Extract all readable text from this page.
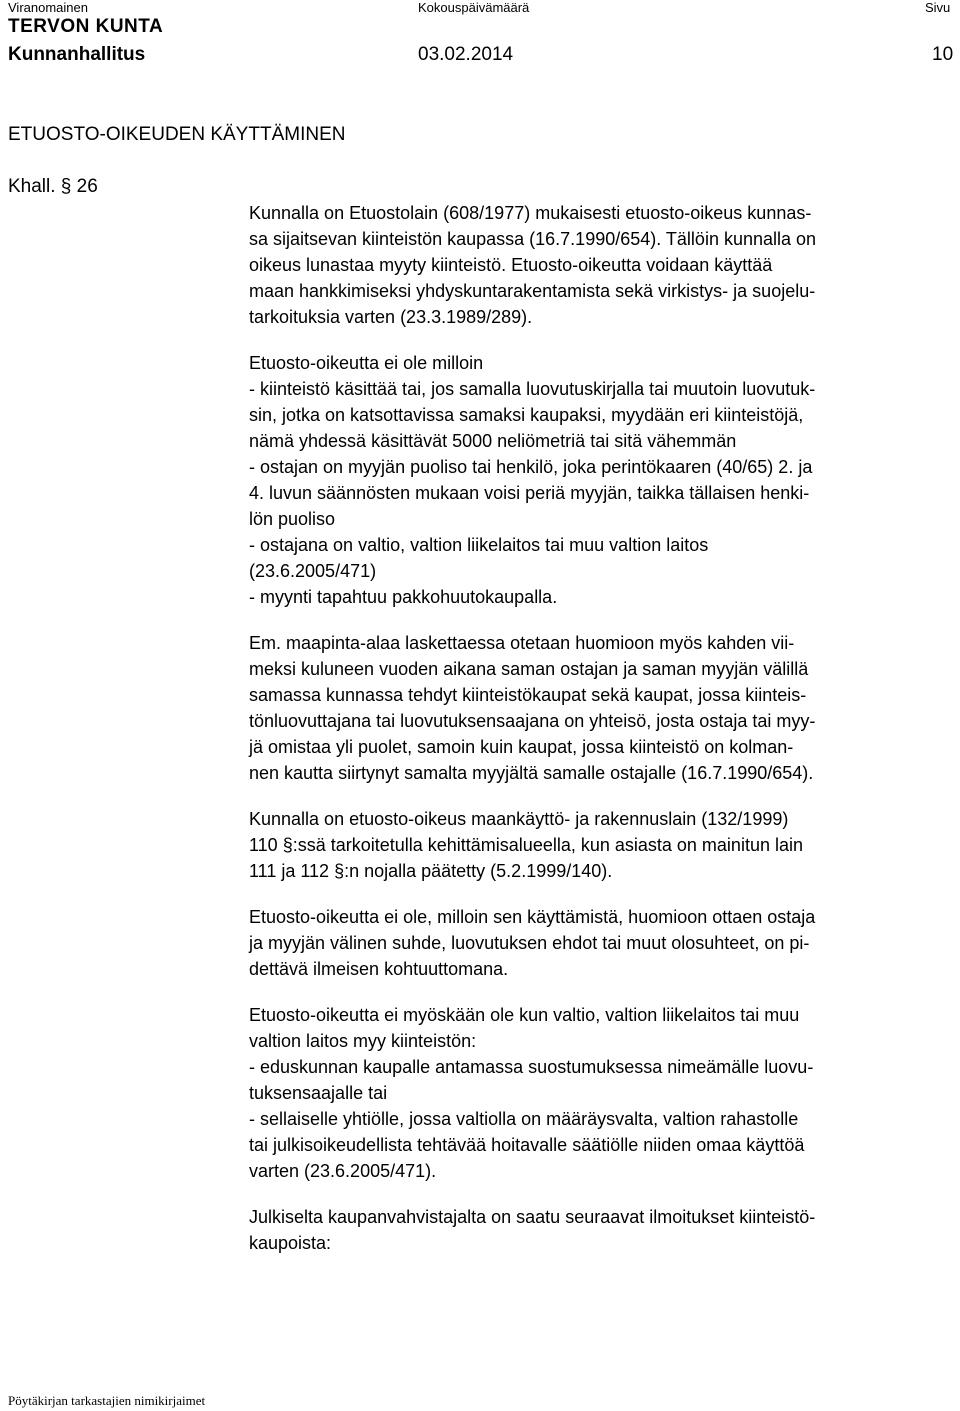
Viranomainen	Kokouspäivämäärä	Sivu
TERVON KUNTA
Kunnanhallitus	03.02.2014	10
ETUOSTO-OIKEUDEN KÄYTTÄMINEN
Khall. § 26

Kunnalla on Etuostolain (608/1977) mukaisesti etuosto-oikeus kunnas-
sa sijaitsevan kiinteistön kaupassa (16.7.1990/654). Tällöin kunnalla on
oikeus lunastaa myyty kiinteistö. Etuosto-oikeutta voidaan käyttää
maan hankkimiseksi yhdyskuntarakentamista sekä virkistys- ja suojelu-
tarkoituksia varten (23.3.1989/289).

Etuosto-oikeutta ei ole milloin
- kiinteistö käsittää tai, jos samalla luovutuskirjalla tai muutoin luovutuk-
sin, jotka on katsottavissa samaksi kaupaksi, myydään eri kiinteistöjä,
nämä yhdessä käsittävät 5000 neliömetriä tai sitä vähemmän
- ostajan on myyjän puoliso tai henkilö, joka perintökaaren (40/65) 2. ja
4. luvun säännösten mukaan voisi periä myyjän, taikka tällaisen henki-
lön puoliso
- ostajana on valtio, valtion liikelaitos tai muu valtion laitos
(23.6.2005/471)
- myynti tapahtuu pakkohuutokaupalla.

Em. maapinta-alaa laskettaessa otetaan huomioon myös kahden vii-
meksi kuluneen vuoden aikana saman ostajan ja saman myyjän välillä
samassa kunnassa tehdyt kiinteistökaupat sekä kaupat, jossa kiinteis-
tönluovuttajana tai luovutuksensaajana on yhteisö, josta ostaja tai myy-
jä omistaa yli puolet, samoin kuin kaupat, jossa kiinteistö on kolman-
nen kautta siirtynyt samalta myyjältä samalle ostajalle (16.7.1990/654).

Kunnalla on etuosto-oikeus maankäyttö- ja rakennuslain (132/1999)
110 §:ssä tarkoitetulla kehittämisalueella, kun asiasta on mainitun lain
111 ja 112 §:n nojalla päätetty (5.2.1999/140).

Etuosto-oikeutta ei ole, milloin sen käyttämistä, huomioon ottaen ostaja
ja myyjän välinen suhde, luovutuksen ehdot tai muut olosuhteet, on pi-
dettävä ilmeisen kohtuuttomana.

Etuosto-oikeutta ei myöskään ole kun valtio, valtion liikelaitos tai muu
valtion laitos myy kiinteistön:
- eduskunnan kaupalle antamassa suostumuksessa nimeämälle luovu-
tuksensaajalle tai
- sellaiselle yhtiölle, jossa valtiolla on määräysvalta, valtion rahastolle
tai julkisoikeudellista tehtävää hoitavalle säätiölle niiden omaa käyttöä
varten (23.6.2005/471).

Julkiselta kaupanvahvistajalta on saatu seuraavat ilmoitukset kiinteistö-
kaupoista:

Pöytäkirjan tarkastajien nimikirjaimet
